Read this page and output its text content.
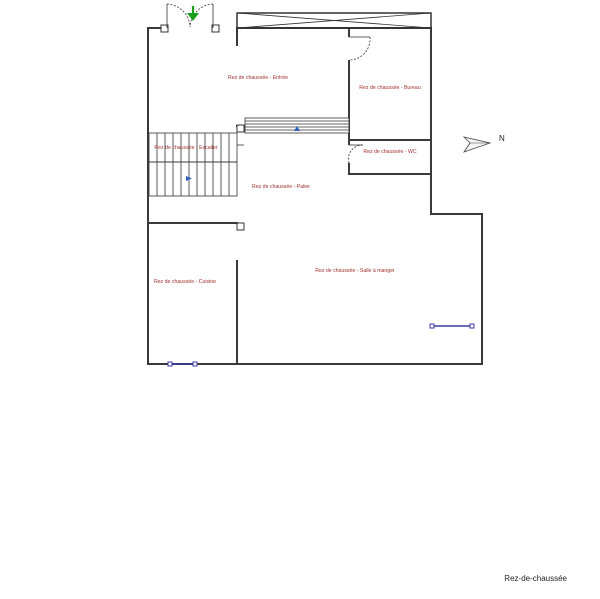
Rez de chaussée - Entrée
Rez de chaussée - Bureau
Rez de chaussée - Escalier
Rez de chaussée - WC
Rez de chaussée - Palier
Rez de chaussée - Cuisine
Rez de chaussée - Salle à manger
N
Rez-de-chaussée
